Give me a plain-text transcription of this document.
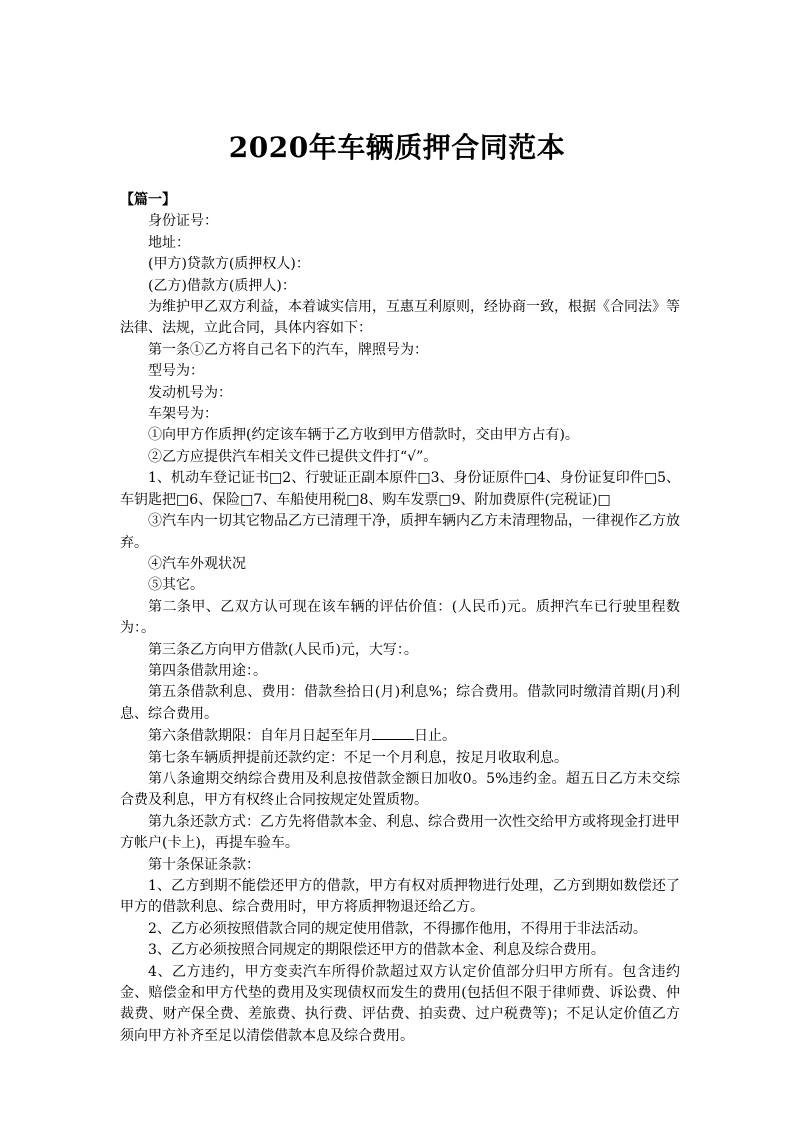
2020年车辆质押合同范本

【篇一】

身份证号：

地址：

(甲方)贷款方(质押权人)：

(乙方)借款方(质押人)：

为维护甲乙双方利益，本着诚实信用，互惠互利原则，经协商一致，根据《合同法》等法律、法规，立此合同，具体内容如下：

第一条①乙方将自己名下的汽车，牌照号为：

型号为：

发动机号为：

车架号为：

①向甲方作质押(约定该车辆于乙方收到甲方借款时，交由甲方占有)。

②乙方应提供汽车相关文件已提供文件打“√”。

1、机动车登记证书□2、行驶证正副本原件□3、身份证原件□4、身份证复印件□5、车钥匙把□6、保险□7、车船使用税□8、购车发票□9、附加费原件(完税证)□

③汽车内一切其它物品乙方已清理干净，质押车辆内乙方未清理物品，一律视作乙方放弃。

④汽车外观状况

⑤其它。

第二条甲、乙双方认可现在该车辆的评估价值：(人民币)元。质押汽车已行驶里程数为：。

第三条乙方向甲方借款(人民币)元，大写：。

第四条借款用途：。

第五条借款利息、费用：借款叁拾日(月)利息%；综合费用。借款同时缴清首期(月)利息、综合费用。

第六条借款期限：自年月日起至年月	日止。

第七条车辆质押提前还款约定：不足一个月利息，按足月收取利息。

第八条逾期交纳综合费用及利息按借款金额日加收0。5%违约金。超五日乙方未交综合费及利息，甲方有权终止合同按规定处置质物。

第九条还款方式：乙方先将借款本金、利息、综合费用一次性交给甲方或将现金打进甲方帐户(卡上)，再提车验车。

第十条保证条款：

1、乙方到期不能偿还甲方的借款，甲方有权对质押物进行处理，乙方到期如数偿还了甲方的借款利息、综合费用时，甲方将质押物退还给乙方。

2、乙方必须按照借款合同的规定使用借款，不得挪作他用，不得用于非法活动。

3、乙方必须按照合同规定的期限偿还甲方的借款本金、利息及综合费用。

4、乙方违约，甲方变卖汽车所得价款超过双方认定价值部分归甲方所有。包含违约金、赔偿金和甲方代垫的费用及实现债权而发生的费用(包括但不限于律师费、诉讼费、仲裁费、财产保全费、差旅费、执行费、评估费、拍卖费、过户税费等)；不足认定价值乙方须向甲方补齐至足以清偿借款本息及综合费用。
